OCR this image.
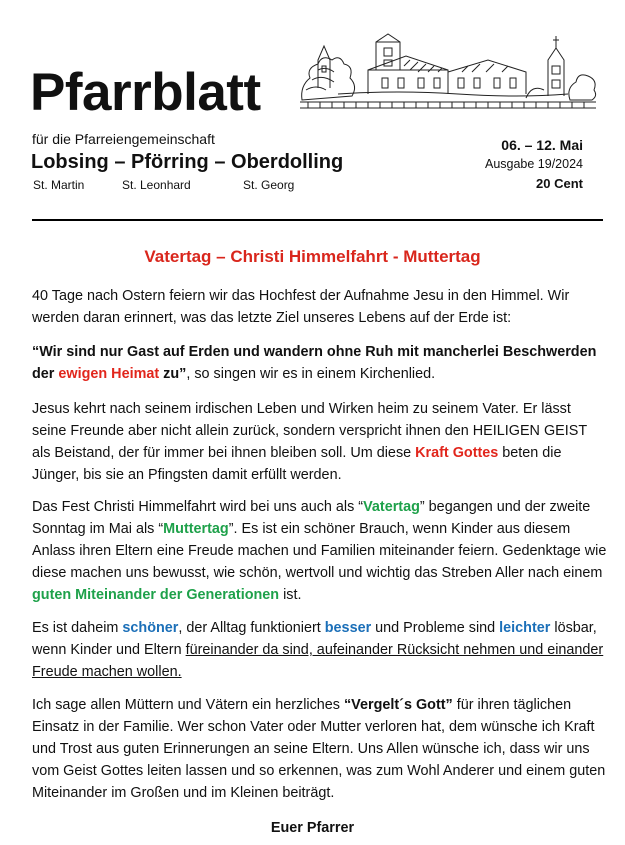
Pfarrblatt
für die Pfarreiengemeinschaft
Lobsing – Pförring – Oberdolling
St. Martin	St. Leonhard	St. Georg
06. – 12. Mai
Ausgabe 19/2024
20 Cent
Vatertag – Christi Himmelfahrt - Muttertag
40 Tage nach Ostern feiern wir das Hochfest der Aufnahme Jesu in den Himmel. Wir werden daran erinnert, was das letzte Ziel unseres Lebens auf der Erde ist:
“Wir sind nur Gast auf Erden und wandern ohne Ruh mit mancherlei Beschwerden der ewigen Heimat zu”, so singen wir es in einem Kirchenlied.
Jesus kehrt nach seinem irdischen Leben und Wirken heim zu seinem Vater. Er lässt seine Freunde aber nicht allein zurück, sondern verspricht ihnen den HEILIGEN GEIST als Beistand, der für immer bei ihnen bleiben soll. Um diese Kraft Gottes beten die Jünger, bis sie an Pfingsten damit erfüllt werden.
Das Fest Christi Himmelfahrt wird bei uns auch als “Vatertag” begangen und der zweite Sonntag im Mai als “Muttertag”. Es ist ein schöner Brauch, wenn Kinder aus diesem Anlass ihren Eltern eine Freude machen und Familien miteinander feiern. Gedenktage wie diese machen uns bewusst, wie schön, wertvoll und wichtig das Streben Aller nach einem guten Miteinander der Generationen ist.
Es ist daheim schöner, der Alltag funktioniert besser und Probleme sind leichter lösbar, wenn Kinder und Eltern füreinander da sind, aufeinander Rücksicht nehmen und einander Freude machen wollen.
Ich sage allen Müttern und Vätern ein herzliches “Vergelt´s Gott” für ihren täglichen Einsatz in der Familie. Wer schon Vater oder Mutter verloren hat, dem wünsche ich Kraft und Trost aus guten Erinnerungen an seine Eltern. Uns Allen wünsche ich, dass wir uns vom Geist Gottes leiten lassen und so erkennen, was zum Wohl Anderer und einem guten Miteinander im Großen und im Kleinen beiträgt.
Euer Pfarrer
